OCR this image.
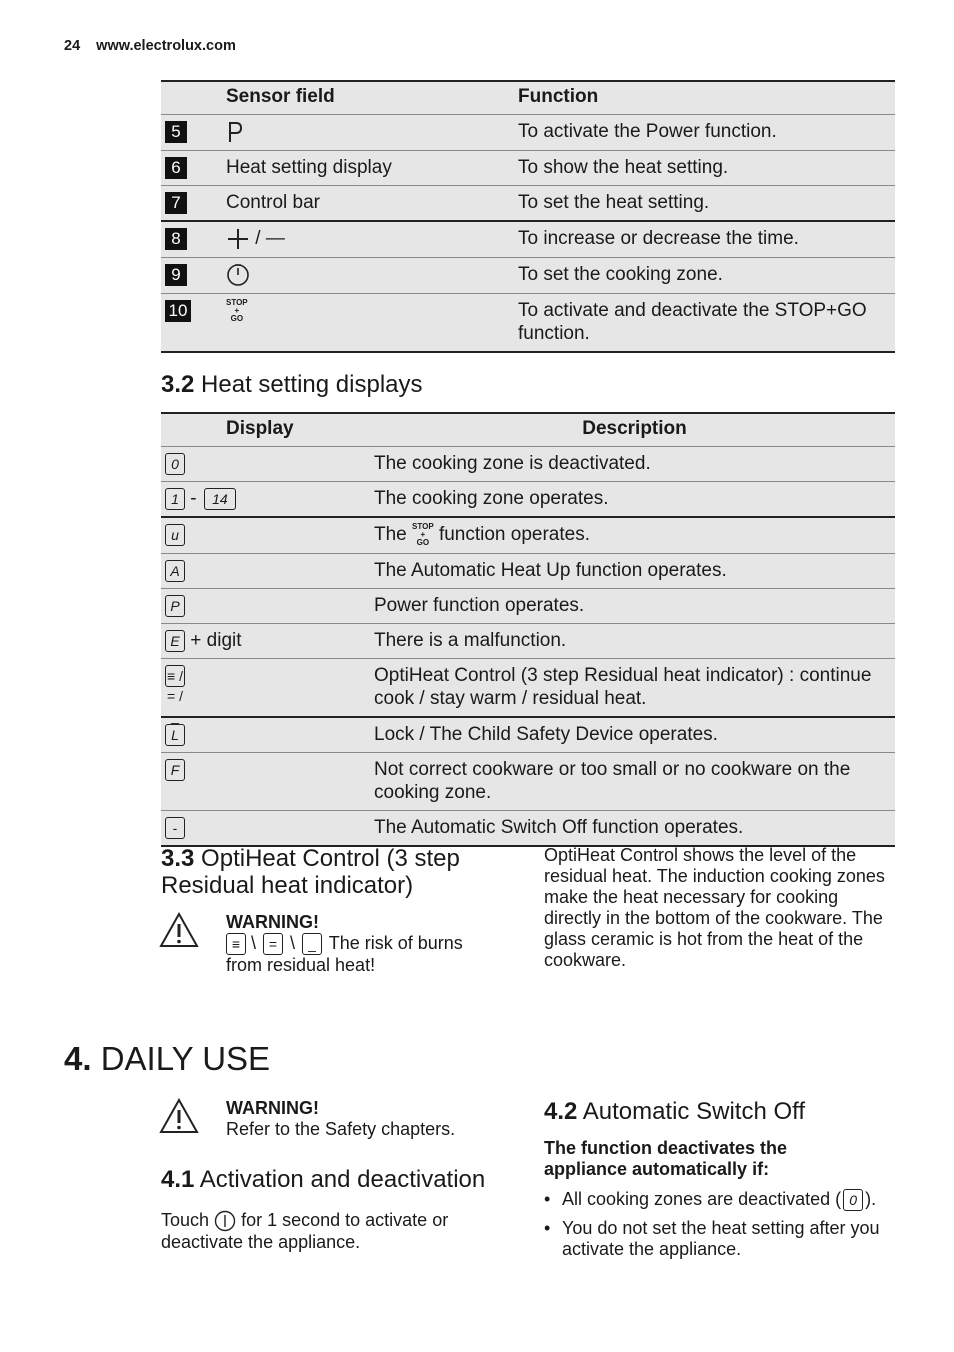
24 www.electrolux.com
	Sensor field	Function
5		To activate the Power function.
6	Heat setting display	To show the heat setting.
7	Control bar	To set the heat setting.
8	/ —	To increase or decrease the time.
9		To set the cooking zone.
10	STOP
+
GO	To activate and deactivate the STOP+GO function.
3.2 Heat setting displays
Display	Description
0	The cooking zone is deactivated.
1 - 14	The cooking zone operates.
u	The STOP
+
GO function operates.
A	The Automatic Heat Up function operates.
P	Power function operates.
E + digit	There is a malfunction.
≡ / = / _	OptiHeat Control (3 step Residual heat indicator) : continue cook / stay warm / residual heat.
L	Lock / The Child Safety Device operates.
F	Not correct cookware or too small or no cookware on the cooking zone.
-	The Automatic Switch Off function operates.
3.3 OptiHeat Control (3 step Residual heat indicator)
WARNING!
≡ \ = \ _ The risk of burns from residual heat!
OptiHeat Control shows the level of the residual heat. The induction cooking zones make the heat necessary for cooking directly in the bottom of the cookware. The glass ceramic is hot from the heat of the cookware.
4. DAILY USE
WARNING!
Refer to the Safety chapters.
4.1 Activation and deactivation
Touch for 1 second to activate or deactivate the appliance.
4.2 Automatic Switch Off
The function deactivates the appliance automatically if:
• All cooking zones are deactivated ( 0 ).
• You do not set the heat setting after you activate the appliance.
